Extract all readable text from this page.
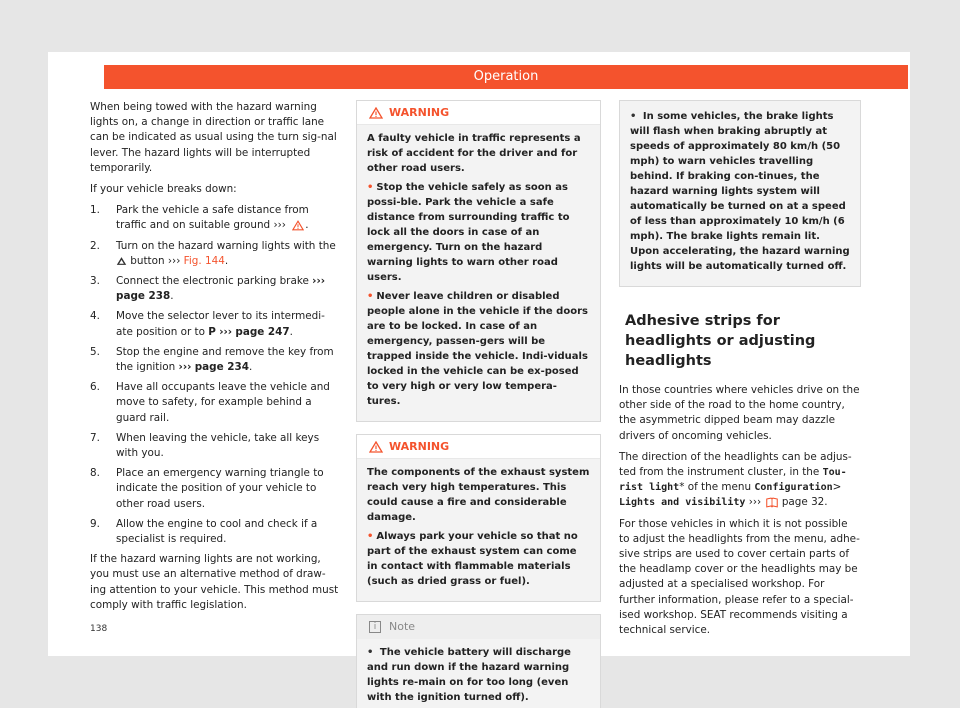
Operation

When being towed with the hazard warning lights on, a change in direction or traffic lane can be indicated as usual using the turn sig-nal lever. The hazard lights will be interrupted temporarily.

If your vehicle breaks down:

1.	Park the vehicle a safe distance from traffic and on suitable ground ››› .
2.	Turn on the hazard warning lights with the  button ››› Fig. 144.
3.	Connect the electronic parking brake ››› page 238.
4.	Move the selector lever to its intermedi-ate position or to P ››› page 247.
5.	Stop the engine and remove the key from the ignition ››› page 234.
6.	Have all occupants leave the vehicle and move to safety, for example behind a guard rail.
7.	When leaving the vehicle, take all keys with you.
8.	Place an emergency warning triangle to indicate the position of your vehicle to other road users.
9.	Allow the engine to cool and check if a specialist is required.

If the hazard warning lights are not working, you must use an alternative method of draw-ing attention to your vehicle. This method must comply with traffic legislation.

WARNING

A faulty vehicle in traffic represents a risk of accident for the driver and for other road users.

• Stop the vehicle safely as soon as possi-ble. Park the vehicle a safe distance from surrounding traffic to lock all the doors in case of an emergency. Turn on the hazard warning lights to warn other road users.

• Never leave children or disabled people alone in the vehicle if the doors are to be locked. In case of an emergency, passen-gers will be trapped inside the vehicle. Indi-viduals locked in the vehicle can be ex-posed to very high or very low tempera-tures.

WARNING

The components of the exhaust system reach very high temperatures. This could cause a fire and considerable damage.

• Always park your vehicle so that no part of the exhaust system can come in contact with flammable materials (such as dried grass or fuel).

i	Note

• The vehicle battery will discharge and run down if the hazard warning lights re-main on for too long (even with the ignition turned off).

• In some vehicles, the brake lights will flash when braking abruptly at speeds of approximately 80 km/h (50 mph) to warn vehicles travelling behind. If braking con-tinues, the hazard warning lights system will automatically be turned on at a speed of less than approximately 10 km/h (6 mph). The brake lights remain lit. Upon accelerating, the hazard warning lights will be automatically turned off.

Adhesive strips for headlights or adjusting headlights

In those countries where vehicles drive on the other side of the road to the home country, the asymmetric dipped beam may dazzle drivers of oncoming vehicles.

The direction of the headlights can be adjus-ted from the instrument cluster, in the Tou-rist light* of the menu Configuration> Lights and visibility ›››  page 32.

For those vehicles in which it is not possible to adjust the headlights from the menu, adhe-sive strips are used to cover certain parts of the headlamp cover or the headlights may be adjusted at a specialised workshop. For further information, please refer to a special-ised workshop. SEAT recommends visiting a technical service.

138
